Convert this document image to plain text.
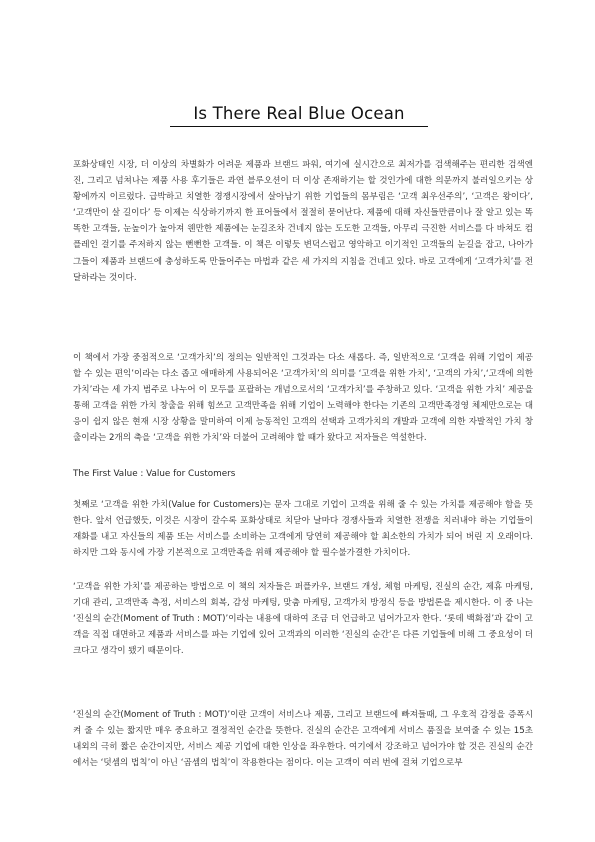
Is There Real Blue Ocean

포화상태인 시장, 더 이상의 차별화가 어려운 제품과 브랜드 파워, 여기에 실시간으로 최저가를 검색해주는 편리한 검색엔진, 그리고 넘쳐나는 제품 사용 후기들은 과연 블루오션이 더 이상 존재하기는 할 것인가에 대한 의문까지 불러일으키는 상황에까지 이르렀다. 급박하고 치열한 경쟁시장에서 살아남기 위한 기업들의 몸부림은 ‘고객 최우선주의’, ‘고객은 왕이다’, ‘고객만이 살 길이다’ 등 이제는 식상하기까지 한 표어들에서 절절히 묻어난다. 제품에 대해 자신들만큼이나 잘 알고 있는 똑똑한 고객들, 눈높이가 높아져 웬만한 제품에는 눈길조차 건네지 않는 도도한 고객들, 아무리 극진한 서비스를 다 바쳐도 컴플레인 걸기를 주저하지 않는 뻔뻔한 고객들. 이 책은 이렇듯 변덕스럽고 영악하고 이기적인 고객들의 눈길을 잡고, 나아가 그들이 제품과 브랜드에 충성하도록 만들어주는 마법과 같은 세 가지의 지침을 건네고 있다. 바로 고객에게 ‘고객가치’를 전달하라는 것이다.

이 책에서 가장 중점적으로 ‘고객가치’의 정의는 일반적인 그것과는 다소 새롭다. 즉, 일반적으로 ‘고객을 위해 기업이 제공할 수 있는 편익’이라는 다소 좁고 애매하게 사용되어온 ‘고객가치’의 의미를 ‘고객을 위한 가치’, ‘고객의 가치’,‘고객에 의한 가치’라는 세 가지 범주로 나누어 이 모두를 포괄하는 개념으로서의 ‘고객가치’를 주창하고 있다. ‘고객을 위한 가치’ 제공을 통해 고객을 위한 가치 창출을 위해 힘쓰고 고객만족을 위해 기업이 노력해야 한다는 기존의 고객만족경영 체제만으로는 대응이 쉽지 않은 현재 시장 상황을 말미하여 이제 능동적인 고객의 선택과 고객가치의 개발과 고객에 의한 자발적인 가치 창출이라는 2개의 축을 ‘고객을 위한 가치’와 더불어 고려해야 할 때가 왔다고 저자들은 역설한다.

The First Value : Value for Customers

첫째로 ‘고객을 위한 가치(Value for Customers)는 문자 그대로 기업이 고객을 위해 줄 수 있는 가치를 제공해야 함을 뜻한다. 앞서 언급했듯, 이것은 시장이 갈수록 포화상태로 치닫아 날마다 경쟁사들과 치열한 전쟁을 치러내야 하는 기업들이 재화를 내고 자신들의 제품 또는 서비스를 소비하는 고객에게 당연히 제공해야 할 최소한의 가치가 되어 버린 지 오래이다. 하지만 그와 동시에 가장 기본적으로 고객만족을 위해 제공해야 할 필수불가결한 가치이다.

‘고객을 위한 가치’를 제공하는 방법으로 이 책의 저자들은 퍼플카우, 브랜드 개성, 체험 마케팅, 진실의 순간, 제휴 마케팅, 기대 관리, 고객만족 측정, 서비스의 회복, 감성 마케팅, 맞춤 마케팅, 고객가치 방정식 등을 방법론을 제시한다. 이 중 나는 ‘진실의 순간(Moment of Truth : MOT)’이라는 내용에 대하여 조금 더 언급하고 넘어가고자 한다. ‘롯데 백화점’과 같이 고객을 직접 대면하고 제품과 서비스를 파는 기업에 있어 고객과의 이러한 ‘진실의 순간’은 다른 기업들에 비해 그 중요성이 더 크다고 생각이 됐기 때문이다.

‘진실의 순간(Moment of Truth : MOT)’이란 고객이 서비스나 제품, 그리고 브랜드에 빠져들때, 그 우호적 감정을 증폭시켜 줄 수 있는 짧지만 매우 중요하고 결정적인 순간을 뜻한다. 진실의 순간은 고객에게 서비스 품질을 보여줄 수 있는 15초 내외의 극히 짧은 순간이지만, 서비스 제공 기업에 대한 인상을 좌우한다. 여기에서 강조하고 넘어가야 할 것은 진실의 순간에서는 ‘덧셈의 법칙’이 아닌 ‘곱셈의 법칙’이 작용한다는 점이다. 이는 고객이 여러 번에 걸쳐 기업으로부
